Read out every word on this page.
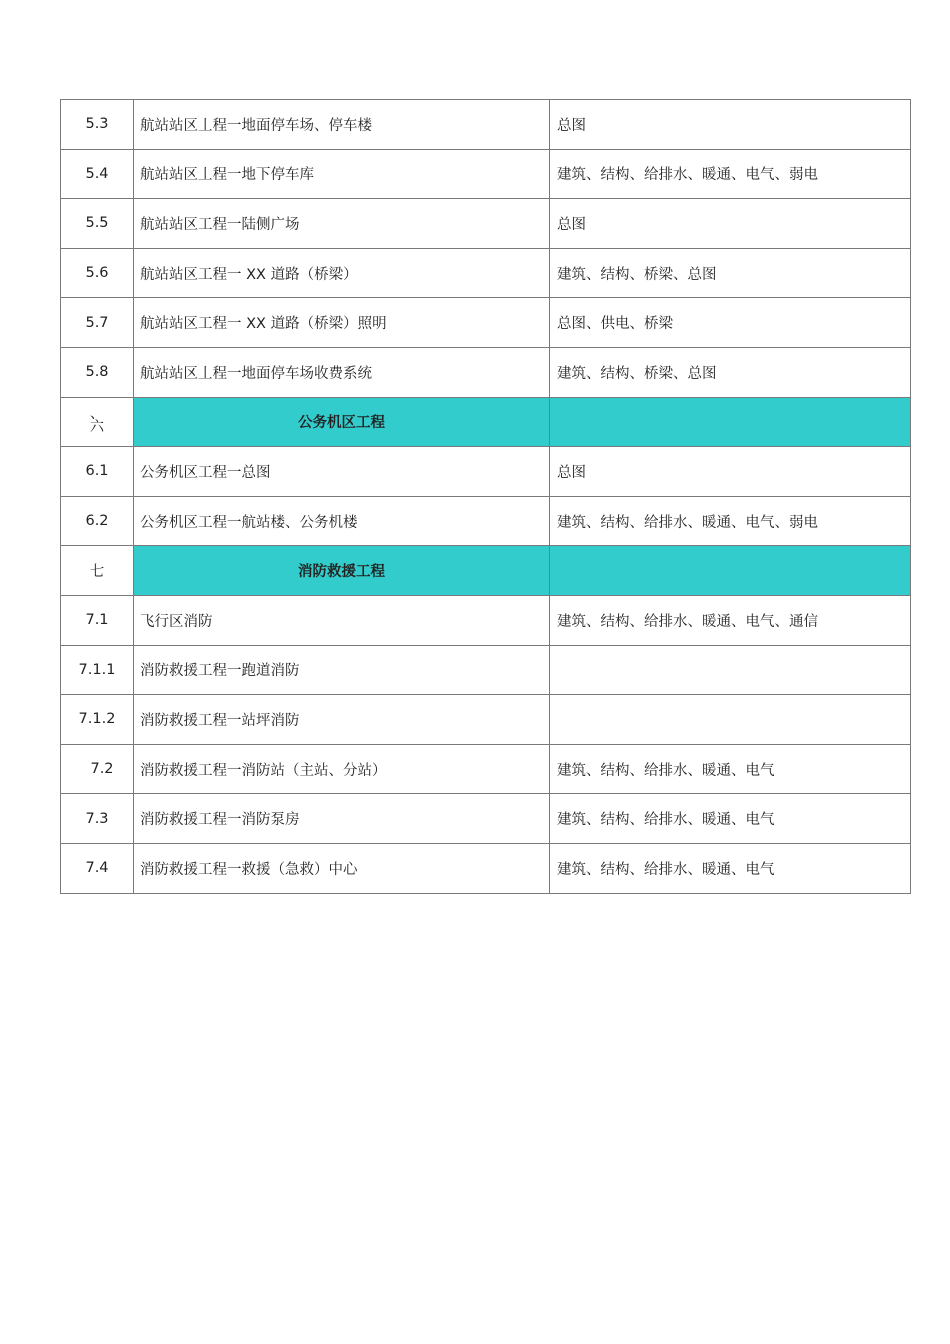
5.3	航站站区丄程一地面停车场、停车楼	总图
5.4	航站站区丄程一地下停车库	建筑、结构、给排水、暖通、电气、弱电
5.5	航站站区工程一陆侧广场	总图
5.6	航站站区工程一 XX 道路（桥梁）	建筑、结构、桥梁、总图
5.7	航站站区工程一 XX 道路（桥梁）照明	总图、供电、桥梁
5.8	航站站区丄程一地面停车场收费系统	建筑、结构、桥梁、总图

、
六	公务机区工程	
6.1	公务机区工程一总图	总图
6.2	公务机区工程一航站楼、公务机楼	建筑、结构、给排水、暖通、电气、弱电
七	消防救援工程	
7.1	飞行区消防	建筑、结构、给排水、暖通、电气、通信
7.1.1	消防救援工程一跑道消防	
7.1.2	消防救援工程一站坪消防	
7.2	消防救援工程一消防站（主站、分站）	建筑、结构、给排水、暖通、电气
7.3	消防救援工程一消防泵房	建筑、结构、给排水、暖通、电气
7.4	消防救援工程一救援（急救）中心	建筑、结构、给排水、暖通、电气
